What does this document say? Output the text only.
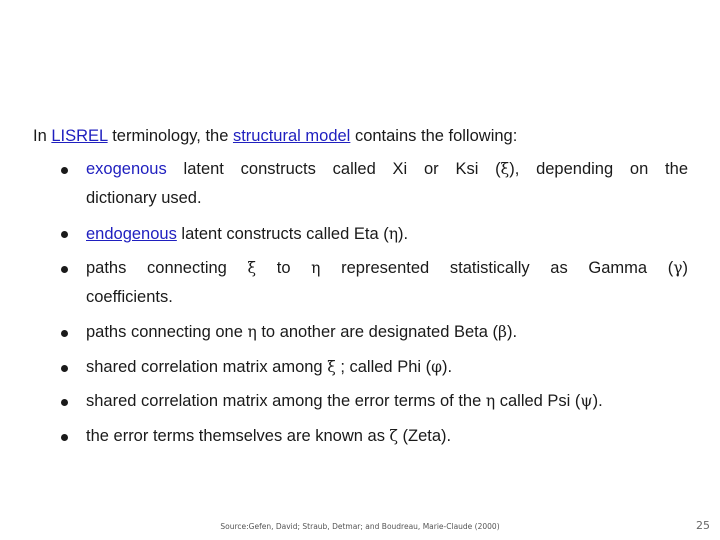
In LISREL terminology, the structural model contains the following:
exogenous latent constructs called Xi or Ksi (ξ), depending on the
dictionary used.
endogenous latent constructs called Eta (η).
paths connecting ξ to η represented statistically as Gamma (γ)
coefficients.
paths connecting one η to another are designated Beta (β).
shared correlation matrix among ξ ; called Phi (φ).
shared correlation matrix among the error terms of the η called Psi (ψ).
the error terms themselves are known as ζ (Zeta).
Source:Gefen, David; Straub, Detmar; and Boudreau, Marie-Claude (2000)	25
